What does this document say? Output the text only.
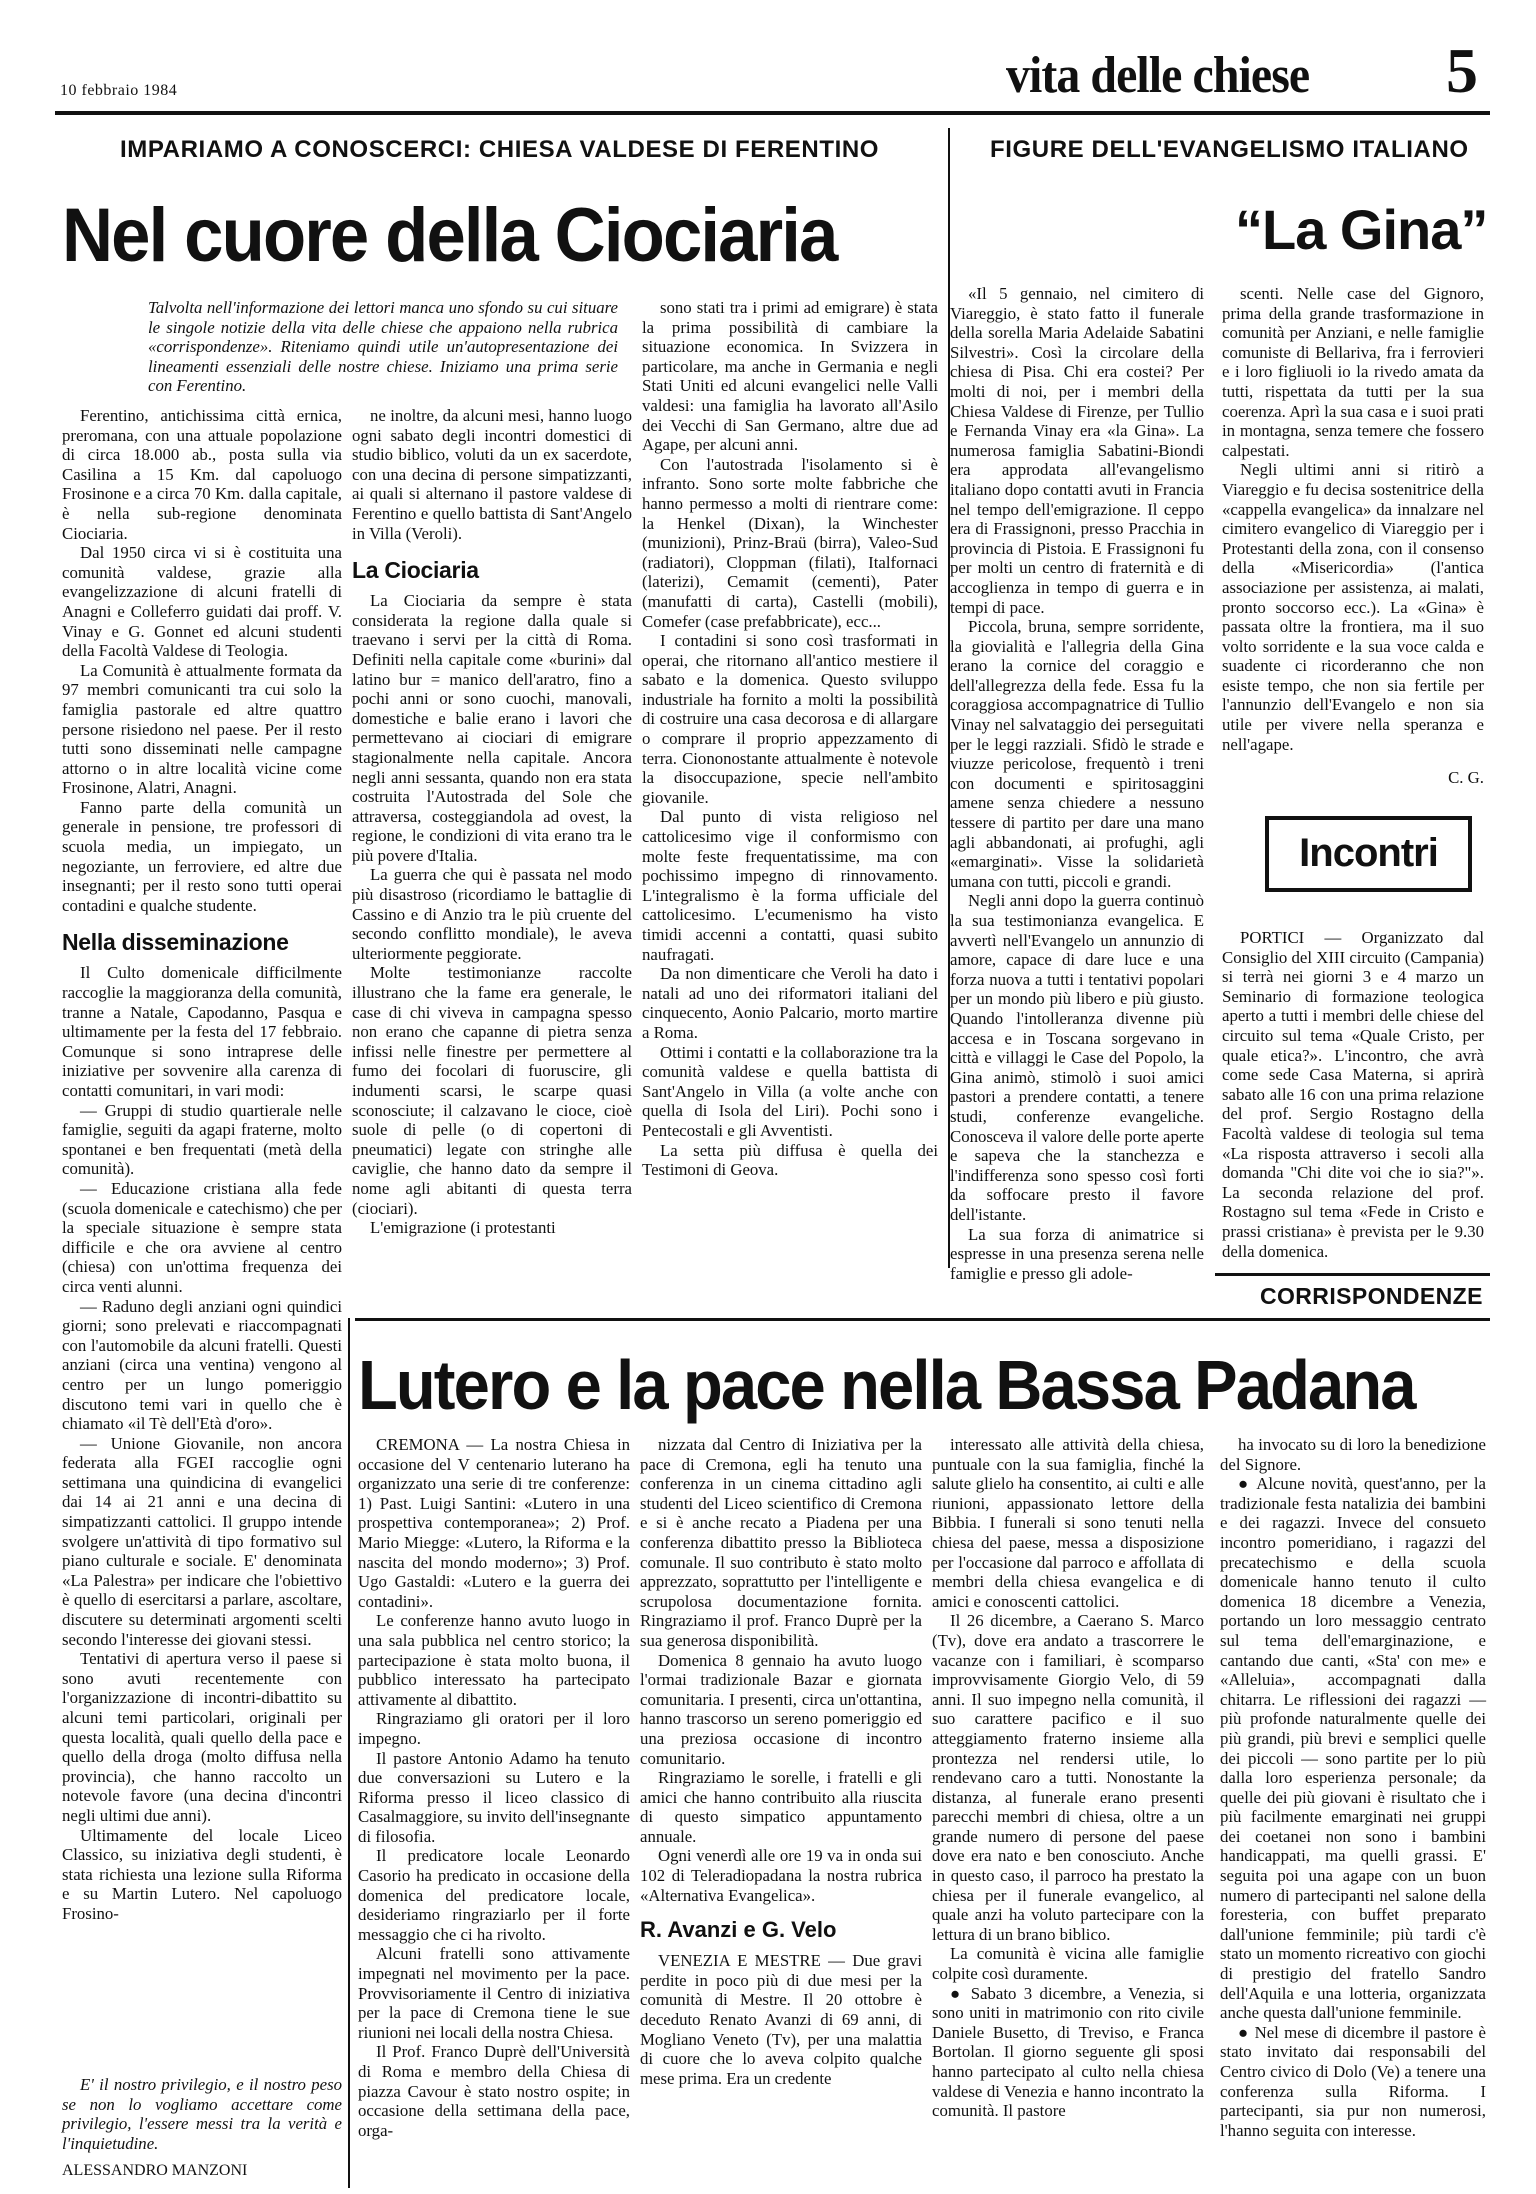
10 febbraio 1984	vita delle chiese 5
IMPARIAMO A CONOSCERCI: CHIESA VALDESE DI FERENTINO	FIGURE DELL'EVANGELISMO ITALIANO
Nel cuore della Ciociaria	“La Gina”
Talvolta nell'informazione dei lettori manca uno sfondo su cui situare le singole notizie della vita delle chiese che appaiono nella rubrica «corrispondenze». Riteniamo quindi utile un'autopresentazione dei lineamenti essenziali delle nostre chiese. Iniziamo una prima serie con Ferentino.

Ferentino, antichissima città ernica, preromana, con una attuale popolazione di circa 18.000 ab., posta sulla via Casilina a 15 Km. dal capoluogo Frosinone e a circa 70 Km. dalla capitale, è nella sub-regione denominata Ciociaria.

Dal 1950 circa vi si è costituita una comunità valdese, grazie alla evangelizzazione di alcuni fratelli di Anagni e Colleferro guidati dai proff. V. Vinay e G. Gonnet ed alcuni studenti della Facoltà Valdese di Teologia.

La Comunità è attualmente formata da 97 membri comunicanti tra cui solo la famiglia pastorale ed altre quattro persone risiedono nel paese. Per il resto tutti sono disseminati nelle campagne attorno o in altre località vicine come Frosinone, Alatri, Anagni.

Fanno parte della comunità un generale in pensione, tre professori di scuola media, un impiegato, un negoziante, un ferroviere, ed altre due insegnanti; per il resto sono tutti operai contadini e qualche studente.

Nella disseminazione

Il Culto domenicale difficilmente raccoglie la maggioranza della comunità, tranne a Natale, Capodanno, Pasqua e ultimamente per la festa del 17 febbraio. Comunque si sono intraprese delle iniziative per sovvenire alla carenza di contatti comunitari, in vari modi:

— Gruppi di studio quartierale nelle famiglie, seguiti da agapi fraterne, molto spontanei e ben frequentati (metà della comunità).

— Educazione cristiana alla fede (scuola domenicale e catechismo) che per la speciale situazione è sempre stata difficile e che ora avviene al centro (chiesa) con un'ottima frequenza dei circa venti alunni.

— Raduno degli anziani ogni quindici giorni; sono prelevati e riaccompagnati con l'automobile da alcuni fratelli. Questi anziani (circa una ventina) vengono al centro per un lungo pomeriggio discutono temi vari in quello che è chiamato «il Tè dell'Età d'oro».

— Unione Giovanile, non ancora federata alla FGEI raccoglie ogni settimana una quindicina di evangelici dai 14 ai 21 anni e una decina di simpatizzanti cattolici. Il gruppo intende svolgere un'attività di tipo formativo sul piano culturale e sociale. E' denominata «La Palestra» per indicare che l'obiettivo è quello di esercitarsi a parlare, ascoltare, discutere su determinati argomenti scelti secondo l'interesse dei giovani stessi.

Tentativi di apertura verso il paese si sono avuti recentemente con l'organizzazione di incontri-dibattito su alcuni temi particolari, originali per questa località, quali quello della pace e quello della droga (molto diffusa nella provincia), che hanno raccolto un notevole favore (una decina d'incontri negli ultimi due anni).

Ultimamente del locale Liceo Classico, su iniziativa degli studenti, è stata richiesta una lezione sulla Riforma e su Martin Lutero. Nel capoluogo Frosino-

E' il nostro privilegio, e il nostro peso se non lo vogliamo accettare come privilegio, l'essere messi tra la verità e l'inquietudine.

ALESSANDRO MANZONI

ne inoltre, da alcuni mesi, hanno luogo ogni sabato degli incontri domestici di studio biblico, voluti da un ex sacerdote, con una decina di persone simpatizzanti, ai quali si alternano il pastore valdese di Ferentino e quello battista di Sant'Angelo in Villa (Veroli).

La Ciociaria

La Ciociaria da sempre è stata considerata la regione dalla quale si traevano i servi per la città di Roma. Definiti nella capitale come «burini» dal latino bur = manico dell'aratro, fino a pochi anni or sono cuochi, manovali, domestiche e balie erano i lavori che permettevano ai ciociari di emigrare stagionalmente nella capitale. Ancora negli anni sessanta, quando non era stata costruita l'Autostrada del Sole che attraversa, costeggiandola ad ovest, la regione, le condizioni di vita erano tra le più povere d'Italia.

La guerra che qui è passata nel modo più disastroso (ricordiamo le battaglie di Cassino e di Anzio tra le più cruente del secondo conflitto mondiale), le aveva ulteriormente peggiorate.

Molte testimonianze raccolte illustrano che la fame era generale, le case di chi viveva in campagna spesso non erano che capanne di pietra senza infissi nelle finestre per permettere al fumo dei focolari di fuoruscire, gli indumenti scarsi, le scarpe quasi sconosciute; il calzavano le cioce, cioè suole di pelle (o di copertoni di pneumatici) legate con stringhe alle caviglie, che hanno dato da sempre il nome agli abitanti di questa terra (ciociari).

L'emigrazione (i protestanti

sono stati tra i primi ad emigrare) è stata la prima possibilità di cambiare la situazione economica. In Svizzera in particolare, ma anche in Germania e negli Stati Uniti ed alcuni evangelici nelle Valli valdesi: una famiglia ha lavorato all'Asilo dei Vecchi di San Germano, altre due ad Agape, per alcuni anni.

Con l'autostrada l'isolamento si è infranto. Sono sorte molte fabbriche che hanno permesso a molti di rientrare come: la Henkel (Dixan), la Winchester (munizioni), Prinz-Braü (birra), Valeo-Sud (radiatori), Cloppman (filati), Italfornaci (laterizi), Cemamit (cementi), Pater (manufatti di carta), Castelli (mobili), Comefer (case prefabbricate), ecc...

I contadini si sono così trasformati in operai, che ritornano all'antico mestiere il sabato e la domenica. Questo sviluppo industriale ha fornito a molti la possibilità di costruire una casa decorosa e di allargare o comprare il proprio appezzamento di terra. Ciononostante attualmente è notevole la disoccupazione, specie nell'ambito giovanile.

Dal punto di vista religioso nel cattolicesimo vige il conformismo con molte feste frequentatissime, ma con pochissimo impegno di rinnovamento. L'integralismo è la forma ufficiale del cattolicesimo. L'ecumenismo ha visto timidi accenni a contatti, quasi subito naufragati.

Da non dimenticare che Veroli ha dato i natali ad uno dei riformatori italiani del cinquecento, Aonio Palcario, morto martire a Roma.

Ottimi i contatti e la collaborazione tra la comunità valdese e quella battista di Sant'Angelo in Villa (a volte anche con quella di Isola del Liri). Pochi sono i Pentecostali e gli Avventisti.

La setta più diffusa è quella dei Testimoni di Geova.

«Il 5 gennaio, nel cimitero di Viareggio, è stato fatto il funerale della sorella Maria Adelaide Sabatini Silvestri». Così la circolare della chiesa di Pisa. Chi era costei? Per molti di noi, per i membri della Chiesa Valdese di Firenze, per Tullio e Fernanda Vinay era «la Gina». La numerosa famiglia Sabatini-Biondi era approdata all'evangelismo italiano dopo contatti avuti in Francia nel tempo dell'emigrazione. Il ceppo era di Frassignoni, presso Pracchia in provincia di Pistoia. E Frassignoni fu per molti un centro di fraternità e di accoglienza in tempo di guerra e in tempi di pace.

Piccola, bruna, sempre sorridente, la giovialità e l'allegria della Gina erano la cornice del coraggio e dell'allegrezza della fede. Essa fu la coraggiosa accompagnatrice di Tullio Vinay nel salvataggio dei perseguitati per le leggi razziali. Sfidò le strade e viuzze pericolose, frequentò i treni con documenti e spiritosaggini amene senza chiedere a nessuno tessere di partito per dare una mano agli abbandonati, ai profughi, agli «emarginati». Visse la solidarietà umana con tutti, piccoli e grandi.

Negli anni dopo la guerra continuò la sua testimonianza evangelica. E avvertì nell'Evangelo un annunzio di amore, capace di dare luce e una forza nuova a tutti i tentativi popolari per un mondo più libero e più giusto. Quando l'intolleranza divenne più accesa e in Toscana sorgevano in città e villaggi le Case del Popolo, la Gina animò, stimolò i suoi amici pastori a prendere contatti, a tenere studi, conferenze evangeliche. Conosceva il valore delle porte aperte e sapeva che la stanchezza e l'indifferenza sono spesso così forti da soffocare presto il favore dell'istante.

La sua forza di animatrice si espresse in una presenza serena nelle famiglie e presso gli adole-

scenti. Nelle case del Gignoro, prima della grande trasformazione in comunità per Anziani, e nelle famiglie comuniste di Bellariva, fra i ferrovieri e i loro figliuoli io la rivedo amata da tutti, rispettata da tutti per la sua coerenza. Aprì la sua casa e i suoi prati in montagna, senza temere che fossero calpestati.

Negli ultimi anni si ritirò a Viareggio e fu decisa sostenitrice della «cappella evangelica» da innalzare nel cimitero evangelico di Viareggio per i Protestanti della zona, con il consenso della «Misericordia» (l'antica associazione per assistenza, ai malati, pronto soccorso ecc.). La «Gina» è passata oltre la frontiera, ma il suo volto sorridente e la sua voce calda e suadente ci ricorderanno che non esiste tempo, che non sia fertile per l'annunzio dell'Evangelo e non sia utile per vivere nella speranza e nell'agape.

C. G.

Incontri

PORTICI — Organizzato dal Consiglio del XIII circuito (Campania) si terrà nei giorni 3 e 4 marzo un Seminario di formazione teologica aperto a tutti i membri delle chiese del circuito sul tema «Quale Cristo, per quale etica?». L'incontro, che avrà come sede Casa Materna, si aprirà sabato alle 16 con una prima relazione del prof. Sergio Rostagno della Facoltà valdese di teologia sul tema «La risposta attraverso i secoli alla domanda "Chi dite voi che io sia?"». La seconda relazione del prof. Rostagno sul tema «Fede in Cristo e prassi cristiana» è prevista per le 9.30 della domenica.

CORRISPONDENZE
Lutero e la pace nella Bassa Padana

CREMONA — La nostra Chiesa in occasione del V centenario luterano ha organizzato una serie di tre conferenze: 1) Past. Luigi Santini: «Lutero in una prospettiva contemporanea»; 2) Prof. Mario Miegge: «Lutero, la Riforma e la nascita del mondo moderno»; 3) Prof. Ugo Gastaldi: «Lutero e la guerra dei contadini».

Le conferenze hanno avuto luogo in una sala pubblica nel centro storico; la partecipazione è stata molto buona, il pubblico interessato ha partecipato attivamente al dibattito.

Ringraziamo gli oratori per il loro impegno.

Il pastore Antonio Adamo ha tenuto due conversazioni su Lutero e la Riforma presso il liceo classico di Casalmaggiore, su invito dell'insegnante di filosofia.

Il predicatore locale Leonardo Casorio ha predicato in occasione della domenica del predicatore locale, desideriamo ringraziarlo per il forte messaggio che ci ha rivolto.

Alcuni fratelli sono attivamente impegnati nel movimento per la pace. Provvisoriamente il Centro di iniziativa per la pace di Cremona tiene le sue riunioni nei locali della nostra Chiesa.

Il Prof. Franco Duprè dell'Università di Roma e membro della Chiesa di piazza Cavour è stato nostro ospite; in occasione della settimana della pace, orga-

nizzata dal Centro di Iniziativa per la pace di Cremona, egli ha tenuto una conferenza in un cinema cittadino agli studenti del Liceo scientifico di Cremona e si è anche recato a Piadena per una conferenza dibattito presso la Biblioteca comunale. Il suo contributo è stato molto apprezzato, soprattutto per l'intelligente e scrupolosa documentazione fornita. Ringraziamo il prof. Franco Duprè per la sua generosa disponibilità.

Domenica 8 gennaio ha avuto luogo l'ormai tradizionale Bazar e giornata comunitaria. I presenti, circa un'ottantina, hanno trascorso un sereno pomeriggio ed una preziosa occasione di incontro comunitario.

Ringraziamo le sorelle, i fratelli e gli amici che hanno contribuito alla riuscita di questo simpatico appuntamento annuale.

Ogni venerdì alle ore 19 va in onda sui 102 di Teleradiopadana la nostra rubrica «Alternativa Evangelica».

R. Avanzi e G. Velo

VENEZIA E MESTRE — Due gravi perdite in poco più di due mesi per la comunità di Mestre. Il 20 ottobre è deceduto Renato Avanzi di 69 anni, di Mogliano Veneto (Tv), per una malattia di cuore che lo aveva colpito qualche mese prima. Era un credente

interessato alle attività della chiesa, puntuale con la sua famiglia, finché la salute glielo ha consentito, ai culti e alle riunioni, appassionato lettore della Bibbia. I funerali si sono tenuti nella chiesa del paese, messa a disposizione per l'occasione dal parroco e affollata di membri della chiesa evangelica e di amici e conoscenti cattolici.

Il 26 dicembre, a Caerano S. Marco (Tv), dove era andato a trascorrere le vacanze con i familiari, è scomparso improvvisamente Giorgio Velo, di 59 anni. Il suo impegno nella comunità, il suo carattere pacifico e il suo atteggiamento fraterno insieme alla prontezza nel rendersi utile, lo rendevano caro a tutti. Nonostante la distanza, al funerale erano presenti parecchi membri di chiesa, oltre a un grande numero di persone del paese dove era nato e ben conosciuto. Anche in questo caso, il parroco ha prestato la chiesa per il funerale evangelico, al quale anzi ha voluto partecipare con la lettura di un brano biblico.

La comunità è vicina alle famiglie colpite così duramente.

● Sabato 3 dicembre, a Venezia, si sono uniti in matrimonio con rito civile Daniele Busetto, di Treviso, e Franca Bortolan. Il giorno seguente gli sposi hanno partecipato al culto nella chiesa valdese di Venezia e hanno incontrato la comunità. Il pastore

ha invocato su di loro la benedizione del Signore.

● Alcune novità, quest'anno, per la tradizionale festa natalizia dei bambini e dei ragazzi. Invece del consueto incontro pomeridiano, i ragazzi del precatechismo e della scuola domenicale hanno tenuto il culto domenica 18 dicembre a Venezia, portando un loro messaggio centrato sul tema dell'emarginazione, e cantando due canti, «Sta' con me» e «Alleluia», accompagnati dalla chitarra. Le riflessioni dei ragazzi — più profonde naturalmente quelle dei più grandi, più brevi e semplici quelle dei piccoli — sono partite per lo più dalla loro esperienza personale; da quelle dei più giovani è risultato che i più facilmente emarginati nei gruppi dei coetanei non sono i bambini handicappati, ma quelli grassi. E' seguita poi una agape con un buon numero di partecipanti nel salone della foresteria, con buffet preparato dall'unione femminile; più tardi c'è stato un momento ricreativo con giochi di prestigio del fratello Sandro dell'Aquila e una lotteria, organizzata anche questa dall'unione femminile.

● Nel mese di dicembre il pastore è stato invitato dai responsabili del Centro civico di Dolo (Ve) a tenere una conferenza sulla Riforma. I partecipanti, sia pur non numerosi, l'hanno seguita con interesse.
